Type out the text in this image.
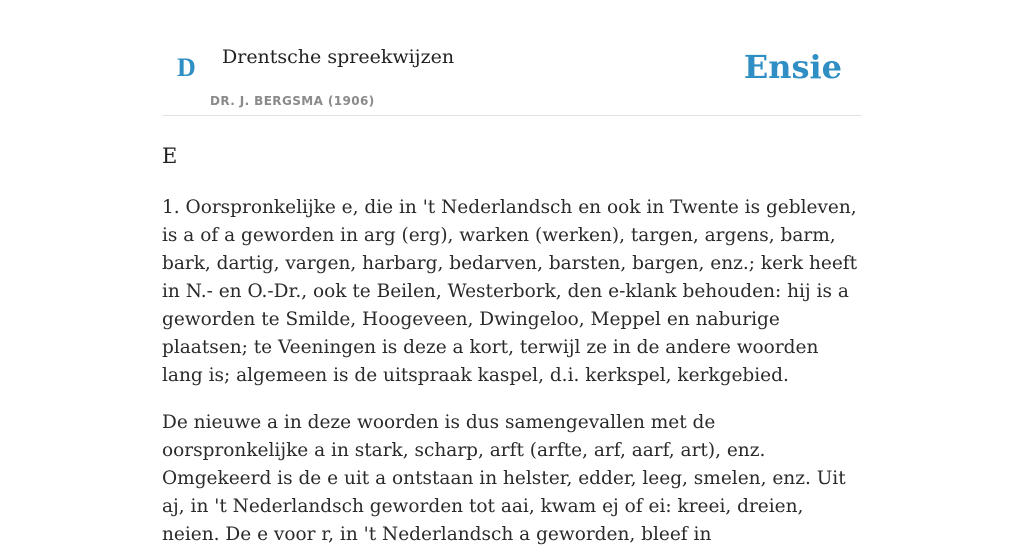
D Drentsche spreekwijzen
DR. J. BERGSMA (1906)
Ensie
E

1. Oorspronkelijke e, die in 't Nederlandsch en ook in Twente is gebleven, is a of a geworden in arg (erg), warken (werken), targen, argens, barm, bark, dartig, vargen, harbarg, bedarven, barsten, bargen, enz.; kerk heeft in N.- en O.-Dr., ook te Beilen, Westerbork, den e-klank behouden: hij is a geworden te Smilde, Hoogeveen, Dwingeloo, Meppel en naburige plaatsen; te Veeningen is deze a kort, terwijl ze in de andere woorden lang is; algemeen is de uitspraak kaspel, d.i. kerkspel, kerkgebied.

De nieuwe a in deze woorden is dus samengevallen met de oorspronkelijke a in stark, scharp, arft (arfte, arf, aarf, art), enz. Omgekeerd is de e uit a ontstaan in helster, edder, leeg, smelen, enz. Uit aj, in 't Nederlandsch geworden tot aai, kwam ej of ei: kreei, dreien, neien. De e voor r, in 't Nederlandsch a geworden, bleef in
